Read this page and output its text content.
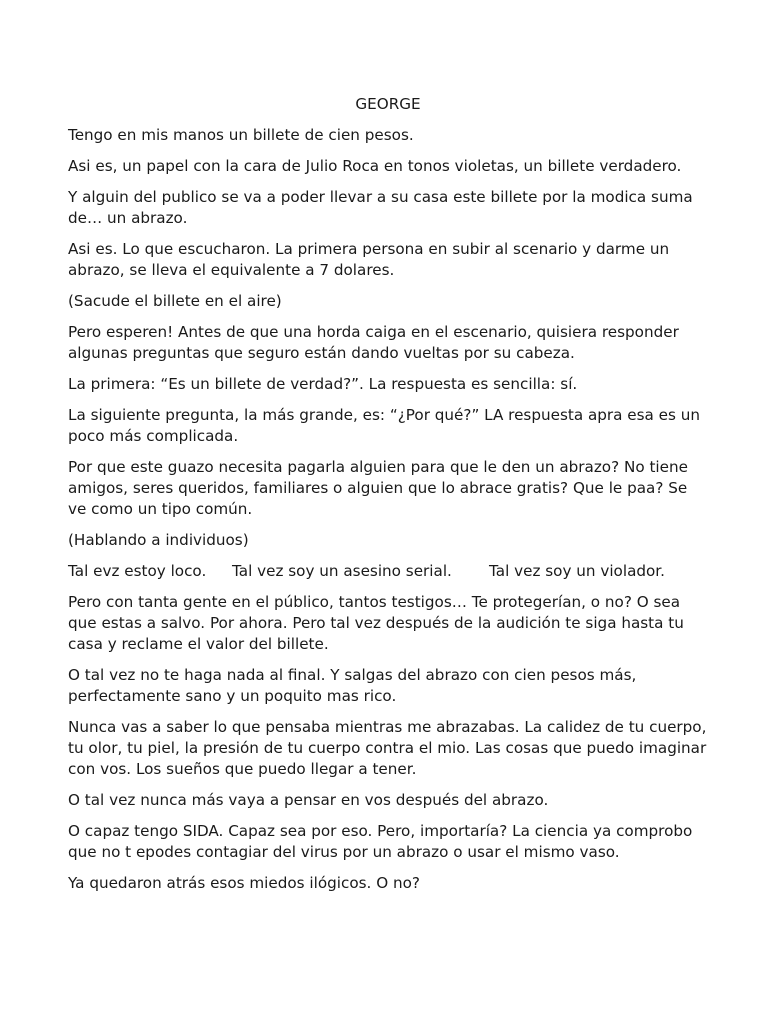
GEORGE

Tengo en mis manos un billete de cien pesos.

Asi es, un papel con la cara de Julio Roca en tonos violetas, un billete verdadero.

Y alguin del publico se va a poder llevar a su casa este billete por la modica suma de… un abrazo.

Asi es. Lo que escucharon. La primera persona en subir al scenario y darme un abrazo, se lleva el equivalente a 7 dolares.

(Sacude el billete en el aire)

Pero esperen! Antes de que una horda caiga en el escenario, quisiera responder algunas preguntas que seguro están dando vueltas por su cabeza.

La primera: “Es un billete de verdad?”. La respuesta es sencilla: sí.

La siguiente pregunta, la más grande, es: “¿Por qué?” LA respuesta apra esa es un poco más complicada.

Por que este guazo necesita pagarla alguien para que le den un abrazo? No tiene amigos, seres queridos, familiares o alguien que lo abrace gratis? Que le paa? Se ve como un tipo común.

(Hablando a individuos)

Tal evz estoy loco. Tal vez soy un asesino serial. Tal vez soy un violador.

Pero con tanta gente en el público, tantos testigos… Te protegerían, o no? O sea que estas a salvo. Por ahora. Pero tal vez después de la audición te siga hasta tu casa y reclame el valor del billete.

O tal vez no te haga nada al final. Y salgas del abrazo con cien pesos más, perfectamente sano y un poquito mas rico.

Nunca vas a saber lo que pensaba mientras me abrazabas. La calidez de tu cuerpo, tu olor, tu piel, la presión de tu cuerpo contra el mio. Las cosas que puedo imaginar con vos. Los sueños que puedo llegar a tener.

O tal vez nunca más vaya a pensar en vos después del abrazo.

O capaz tengo SIDA. Capaz sea por eso. Pero, importaría? La ciencia ya comprobo que no t epodes contagiar del virus por un abrazo o usar el mismo vaso.

Ya quedaron atrás esos miedos ilógicos. O no?
